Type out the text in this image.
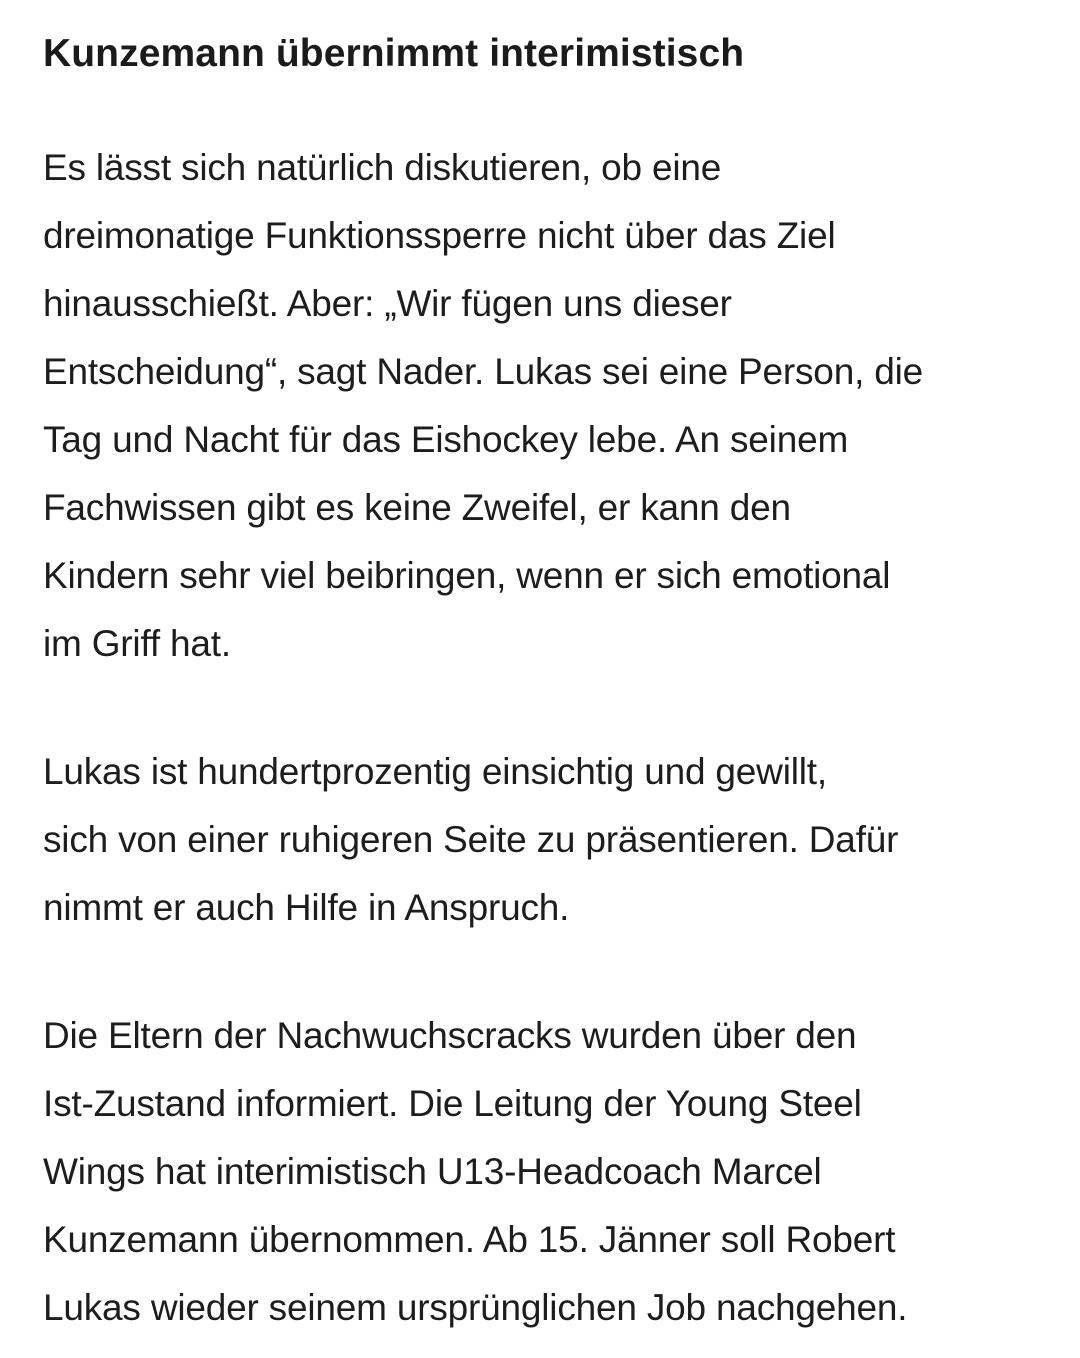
Kunzemann übernimmt interimistisch

Es lässt sich natürlich diskutieren, ob eine
dreimonatige Funktionssperre nicht über das Ziel
hinausschießt. Aber: „Wir fügen uns dieser
Entscheidung“, sagt Nader. Lukas sei eine Person, die
Tag und Nacht für das Eishockey lebe. An seinem
Fachwissen gibt es keine Zweifel, er kann den
Kindern sehr viel beibringen, wenn er sich emotional
im Griff hat.

Lukas ist hundertprozentig einsichtig und gewillt,
sich von einer ruhigeren Seite zu präsentieren. Dafür
nimmt er auch Hilfe in Anspruch.

Die Eltern der Nachwuchscracks wurden über den
Ist-Zustand informiert. Die Leitung der Young Steel
Wings hat interimistisch U13-Headcoach Marcel
Kunzemann übernommen. Ab 15. Jänner soll Robert
Lukas wieder seinem ursprünglichen Job nachgehen.
